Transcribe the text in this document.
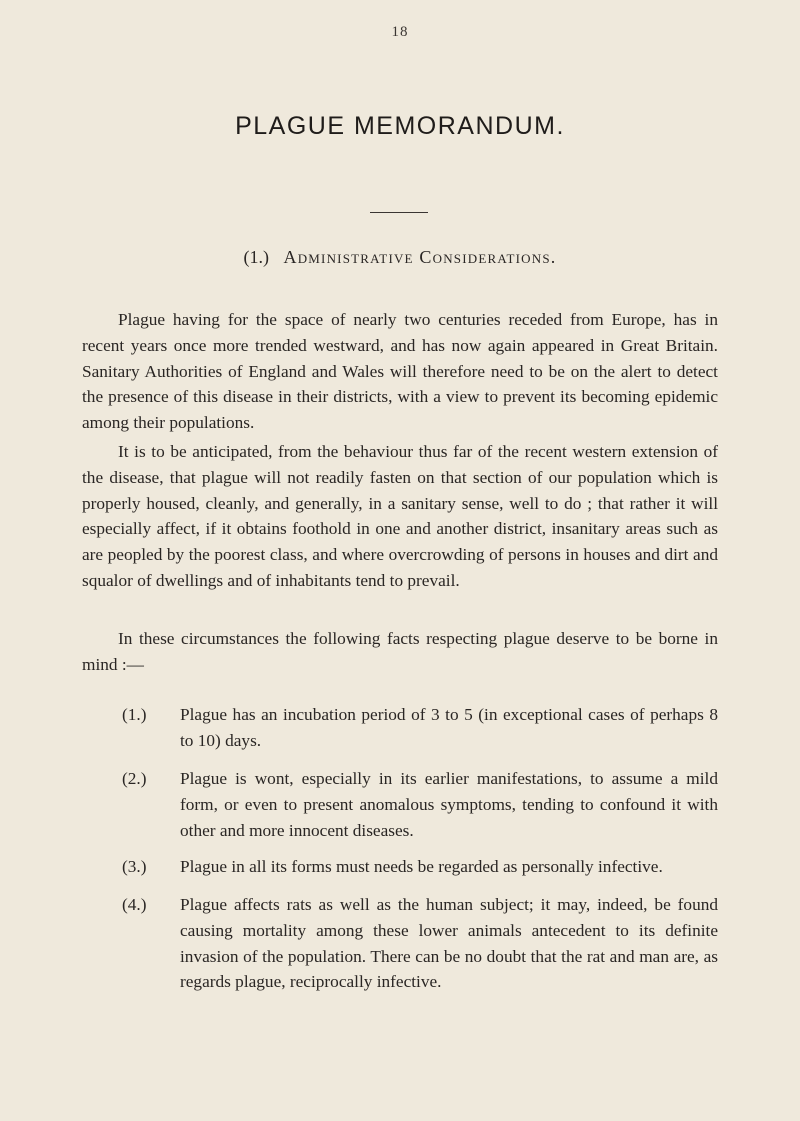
18
PLAGUE MEMORANDUM.
(1.) Administrative Considerations.

Plague having for the space of nearly two centuries receded from Europe, has in recent years once more trended westward, and has now again appeared in Great Britain. Sanitary Authorities of England and Wales will therefore need to be on the alert to detect the presence of this disease in their districts, with a view to prevent its becoming epidemic among their populations.

It is to be anticipated, from the behaviour thus far of the recent western extension of the disease, that plague will not readily fasten on that section of our population which is properly housed, cleanly, and generally, in a sanitary sense, well to do ; that rather it will especially affect, if it obtains foothold in one and another district, insanitary areas such as are peopled by the poorest class, and where overcrowding of persons in houses and dirt and squalor of dwellings and of inhabitants tend to prevail.

In these circumstances the following facts respecting plague deserve to be borne in mind :—

(1.)	Plague has an incubation period of 3 to 5 (in exceptional cases of perhaps 8 to 10) days.
(2.)	Plague is wont, especially in its earlier manifestations, to assume a mild form, or even to present anomalous symptoms, tending to confound it with other and more innocent diseases.
(3.)	Plague in all its forms must needs be regarded as personally infective.
(4.)	Plague affects rats as well as the human subject; it may, indeed, be found causing mortality among these lower animals antecedent to its definite invasion of the population. There can be no doubt that the rat and man are, as regards plague, reciprocally infective.
